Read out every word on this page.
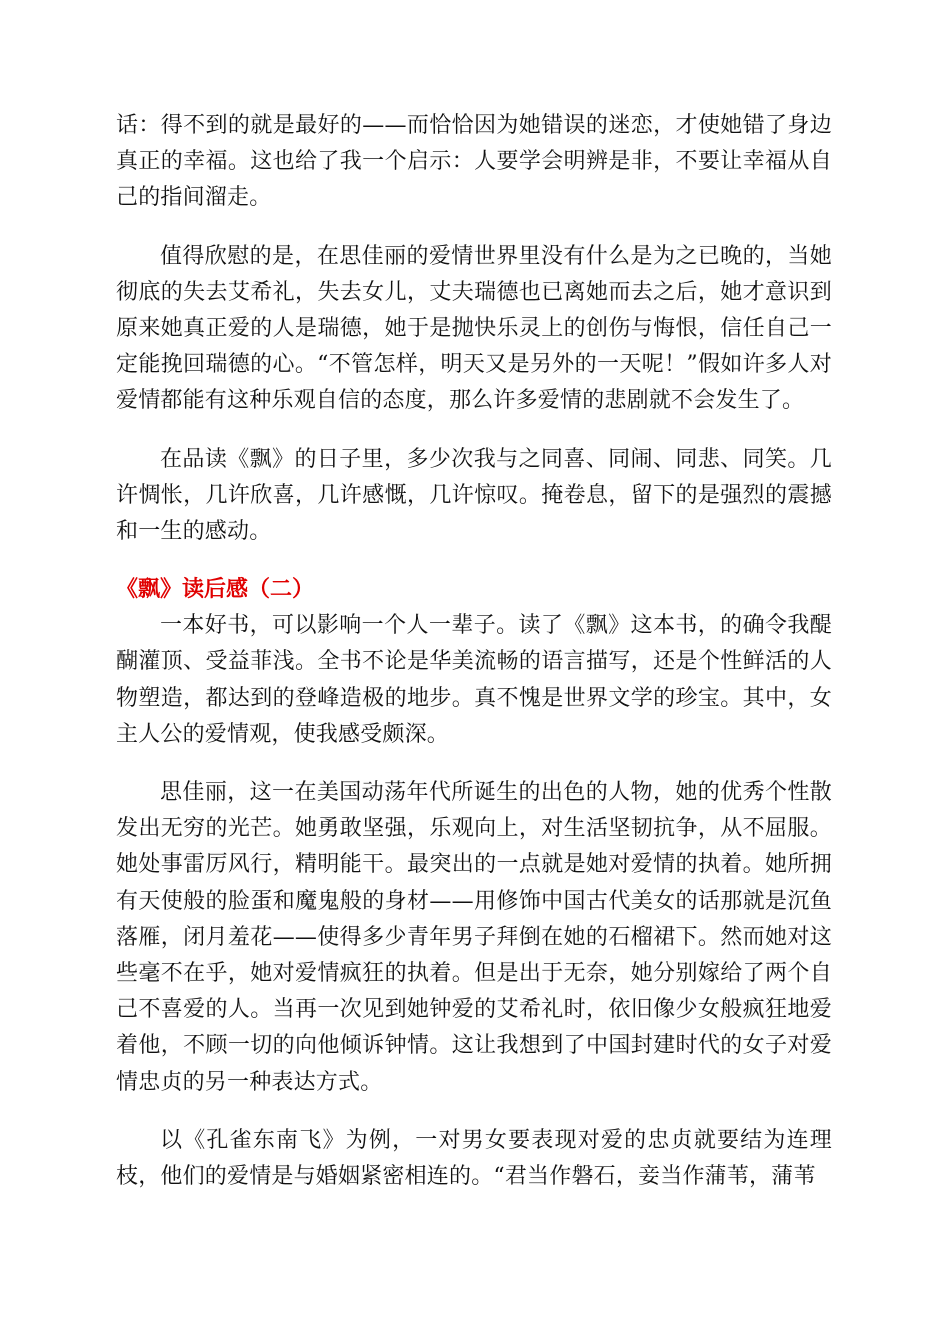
话：得不到的就是最好的——而恰恰因为她错误的迷恋，才使她错了身边真正的幸福。这也给了我一个启示：人要学会明辨是非，不要让幸福从自己的指间溜走。

值得欣慰的是，在思佳丽的爱情世界里没有什么是为之已晚的，当她彻底的失去艾希礼，失去女儿，丈夫瑞德也已离她而去之后，她才意识到原来她真正爱的人是瑞德，她于是抛快乐灵上的创伤与悔恨，信任自己一定能挽回瑞德的心。“不管怎样，明天又是另外的一天呢！”假如许多人对爱情都能有这种乐观自信的态度，那么许多爱情的悲剧就不会发生了。

在品读《飘》的日子里，多少次我与之同喜、同闹、同悲、同笑。几许惆怅，几许欣喜，几许感慨，几许惊叹。掩卷息，留下的是强烈的震撼和一生的感动。

《飘》读后感（二）

一本好书，可以影响一个人一辈子。读了《飘》这本书，的确令我醍醐灌顶、受益菲浅。全书不论是华美流畅的语言描写，还是个性鲜活的人物塑造，都达到的登峰造极的地步。真不愧是世界文学的珍宝。其中，女主人公的爱情观，使我感受颇深。

思佳丽，这一在美国动荡年代所诞生的出色的人物，她的优秀个性散发出无穷的光芒。她勇敢坚强，乐观向上，对生活坚韧抗争，从不屈服。她处事雷厉风行，精明能干。最突出的一点就是她对爱情的执着。她所拥有天使般的脸蛋和魔鬼般的身材——用修饰中国古代美女的话那就是沉鱼落雁，闭月羞花——使得多少青年男子拜倒在她的石榴裙下。然而她对这些毫不在乎，她对爱情疯狂的执着。但是出于无奈，她分别嫁给了两个自己不喜爱的人。当再一次见到她钟爱的艾希礼时，依旧像少女般疯狂地爱着他，不顾一切的向他倾诉钟情。这让我想到了中国封建时代的女子对爱情忠贞的另一种表达方式。

以《孔雀东南飞》为例，一对男女要表现对爱的忠贞就要结为连理枝，他们的爱情是与婚姻紧密相连的。“君当作磐石，妾当作蒲苇，蒲苇
